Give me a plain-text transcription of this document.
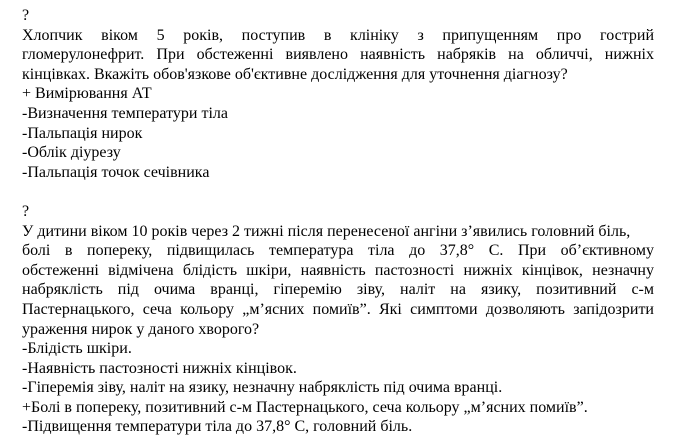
?
Хлопчик віком 5 років, поступив в клініку з припущенням про гострий
гломерулонефрит. При обстеженні виявлено наявність набряків на обличчі, нижніх
кінцівках. Вкажіть обов'язкове об'єктивне дослідження для уточнення діагнозу?
+ Вимірювання АТ
-Визначення температури тіла
-Пальпація нирок
-Облік діурезу
-Пальпація точок сечівника
?
У дитини віком 10 років через 2 тижні після перенесеної ангіни з’явились головний біль,
болі в попереку, підвищилась температура тіла до 37,8° С. При об’єктивному
обстеженні відмічена блідість шкіри, наявність пастозності нижніх кінцівок, незначну
набряклість під очима вранці, гіперемію зіву, наліт на язику, позитивний с-м
Пастернацького, сеча кольору „м’ясних помиїв”. Які симптоми дозволяють запідозрити
ураження нирок у даного хворого?
-Блідість шкіри.
-Наявність пастозності нижніх кінцівок.
-Гіперемія зіву, наліт на язику, незначну набряклість під очима вранці.
+Болі в попереку, позитивний с-м Пастернацького, сеча кольору „м’ясних помиїв”.
-Підвищення температури тіла до 37,8° С, головний біль.
